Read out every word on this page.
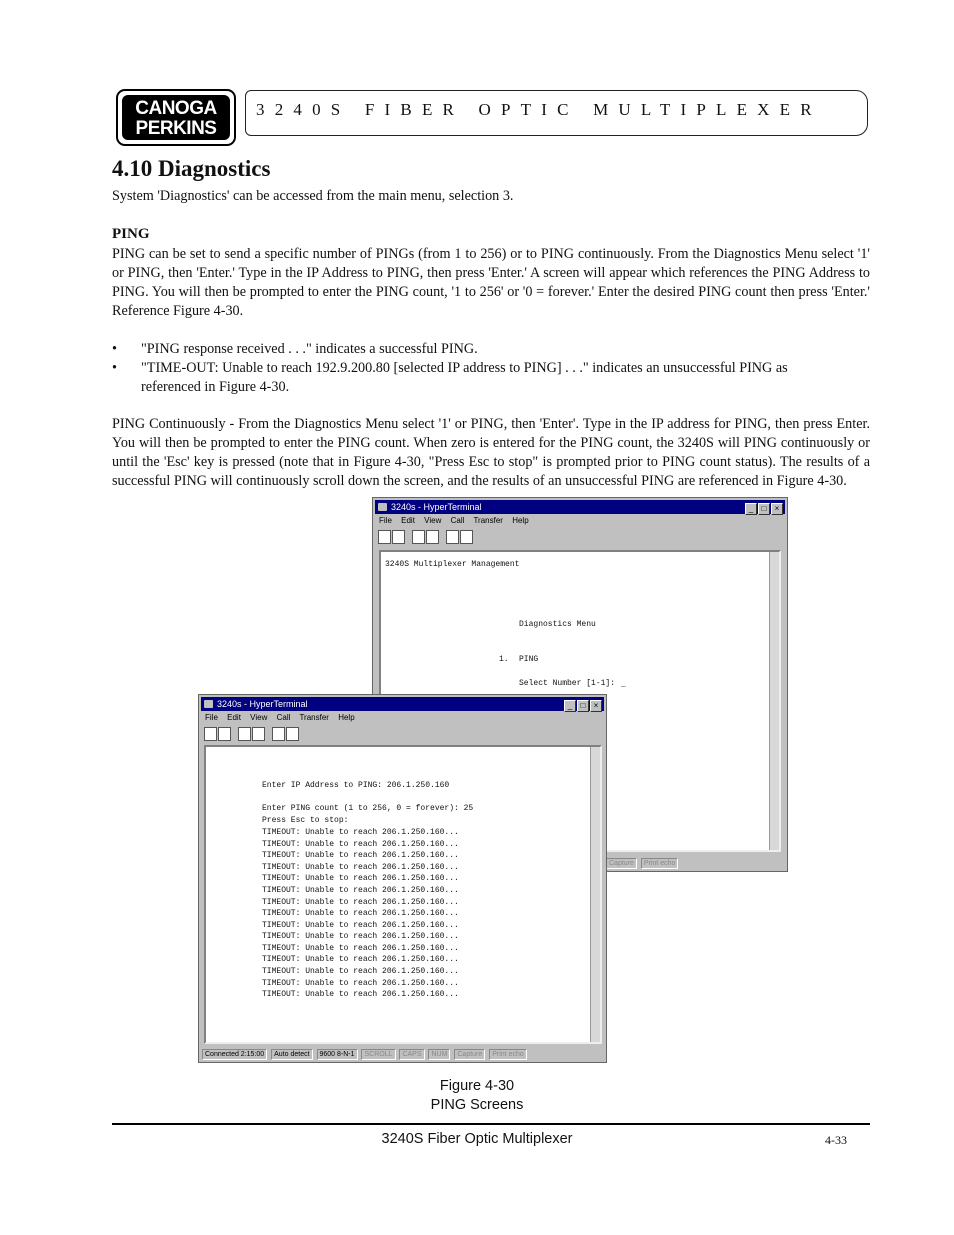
CANOGA
PERKINS
3240S FIBER OPTIC MULTIPLEXER
4.10 Diagnostics

System 'Diagnostics' can be accessed from the main menu, selection 3.

PING

PING can be set to send a specific number of PINGs (from 1 to 256) or to PING continuously. From the Diagnostics Menu select '1' or PING, then 'Enter.' Type in the IP Address to PING, then press 'Enter.' A screen will appear which references the PING Address to PING. You will then be prompted to enter the PING count, '1 to 256' or '0 = forever.' Enter the desired PING count then press 'Enter.' Reference Figure 4-30.

• "PING response received . . ." indicates a successful PING.
• "TIME-OUT: Unable to reach 192.9.200.80 [selected IP address to PING] . . ." indicates an unsuccessful PING as referenced in Figure 4-30.

PING Continuously - From the Diagnostics Menu select '1' or PING, then 'Enter'. Type in the IP address for PING, then press Enter. You will then be prompted to enter the PING count. When zero is entered for the PING count, the 3240S will PING continuously or until the 'Esc' key is pressed (note that in Figure 4-30, "Press Esc to stop" is prompted prior to PING count status). The results of a successful PING will continuously scroll down the screen, and the results of an unsuccessful PING are referenced in Figure 4-30.

3240s - HyperTerminal	_ □ ×
File Edit View Call Transfer Help
3240S Multiplexer Management
Diagnostics Menu
1. PING
Select Number [1-1]: _
Capture Print echo
3240s - HyperTerminal	_ □ ×
File Edit View Call Transfer Help
Enter IP Address to PING: 206.1.250.160
Enter PING count (1 to 256, 0 = forever): 25
Press Esc to stop:
TIMEOUT: Unable to reach 206.1.250.160...
TIMEOUT: Unable to reach 206.1.250.160...
TIMEOUT: Unable to reach 206.1.250.160...
TIMEOUT: Unable to reach 206.1.250.160...
TIMEOUT: Unable to reach 206.1.250.160...
TIMEOUT: Unable to reach 206.1.250.160...
TIMEOUT: Unable to reach 206.1.250.160...
TIMEOUT: Unable to reach 206.1.250.160...
TIMEOUT: Unable to reach 206.1.250.160...
TIMEOUT: Unable to reach 206.1.250.160...
TIMEOUT: Unable to reach 206.1.250.160...
TIMEOUT: Unable to reach 206.1.250.160...
TIMEOUT: Unable to reach 206.1.250.160...
TIMEOUT: Unable to reach 206.1.250.160...
TIMEOUT: Unable to reach 206.1.250.160...
Connected 2:15:00 Auto detect 9600 8-N-1 SCROLL CAPS NUM Capture Print echo
Figure 4-30
PING Screens
3240S Fiber Optic Multiplexer	4-33
